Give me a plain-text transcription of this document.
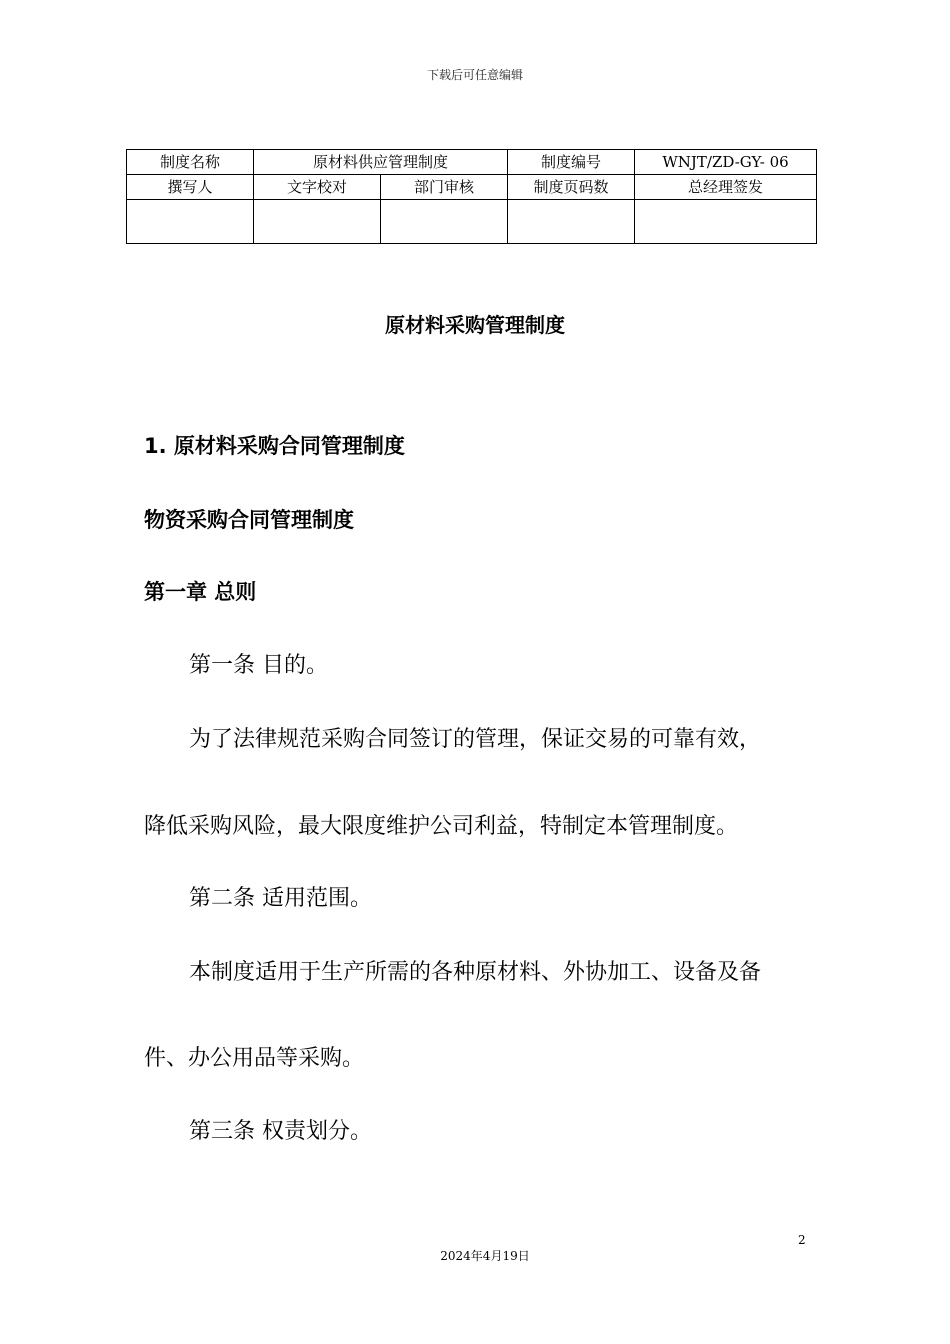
下载后可任意编辑
制度名称	原材料供应管理制度		制度编号	WNJT/ZD-GY- 06
撰写人	文字校对	部门审核	制度页码数	总经理签发

原材料采购管理制度
1. 原材料采购合同管理制度
物资采购合同管理制度
第一章 总则
第一条 目的。
为了法律规范采购合同签订的管理，保证交易的可靠有效，
降低采购风险，最大限度维护公司利益，特制定本管理制度。
第二条 适用范围。
本制度适用于生产所需的各种原材料、外协加工、设备及备
件、办公用品等采购。
第三条 权责划分。
2
2024年4月19日
